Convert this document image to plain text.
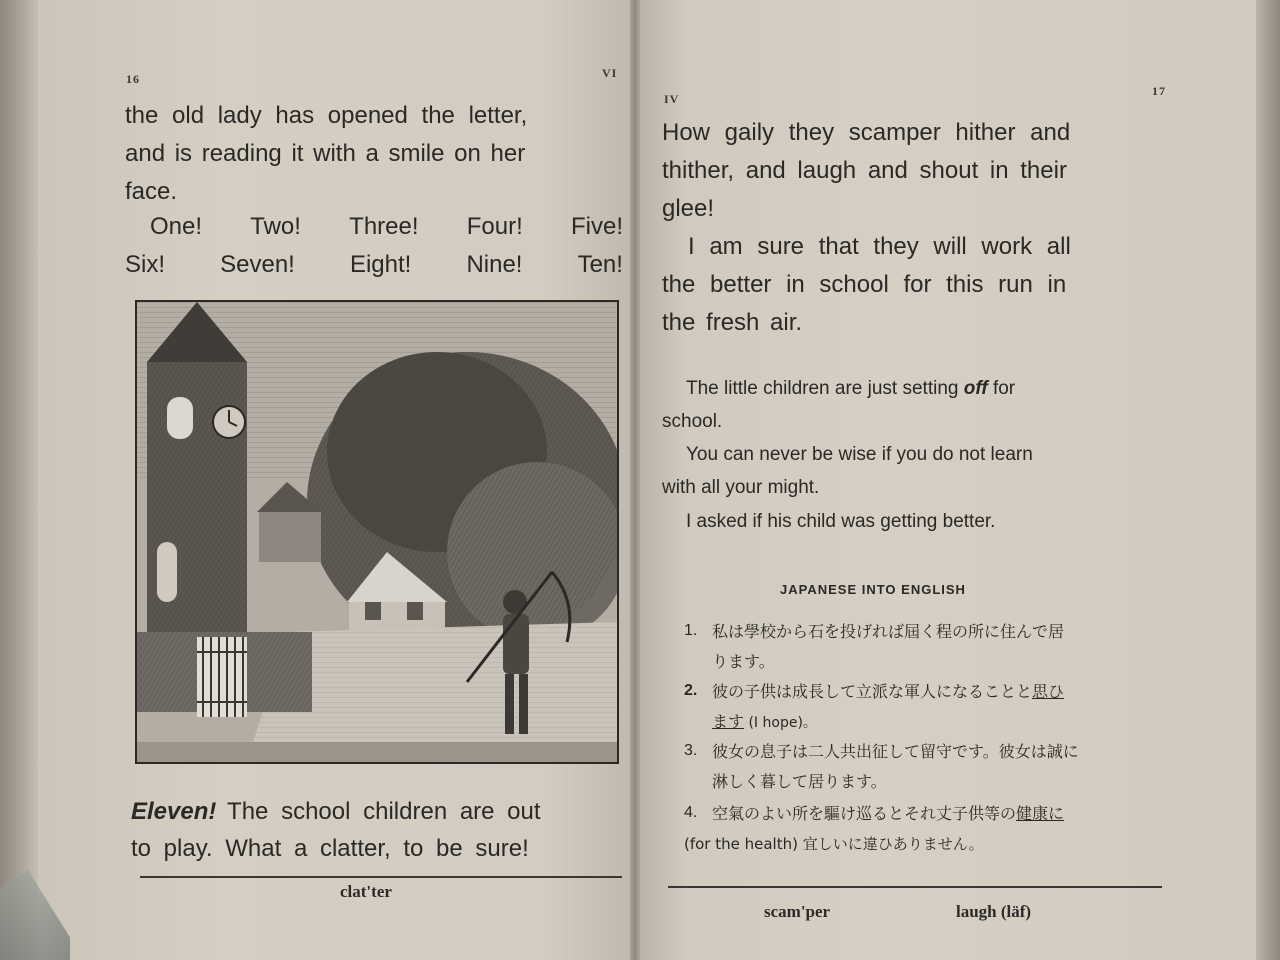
16	VI
the old lady has opened the letter,
and is reading it with a smile on her
face.
One! Two! Three! Four! Five!
Six! Seven! Eight! Nine! Ten!
Eleven! The school children are out
to play. What a clatter, to be sure!
clat'ter
IV
17
How gaily they scamper hither and
thither, and laugh and shout in their
glee!
I am sure that they will work all
the better in school for this run in
the fresh air.
The little children are just setting off for
school.
You can never be wise if you do not learn
with all your might.
I asked if his child was getting better.
JAPANESE INTO ENGLISH
1. 私は學校から石を投げれば屆く程の所に住んで居
ります。
2. 彼の子供は成長して立派な軍人になることと思ひ
ます (I hope)。
3. 彼女の息子は二人共出征して留守です。彼女は誠に
淋しく暮して居ります。
4. 空氣のよい所を驅け巡るとそれ丈子供等の健康に
(for the health) 宜しいに違ひありません。
scam'per	laugh (läf)
